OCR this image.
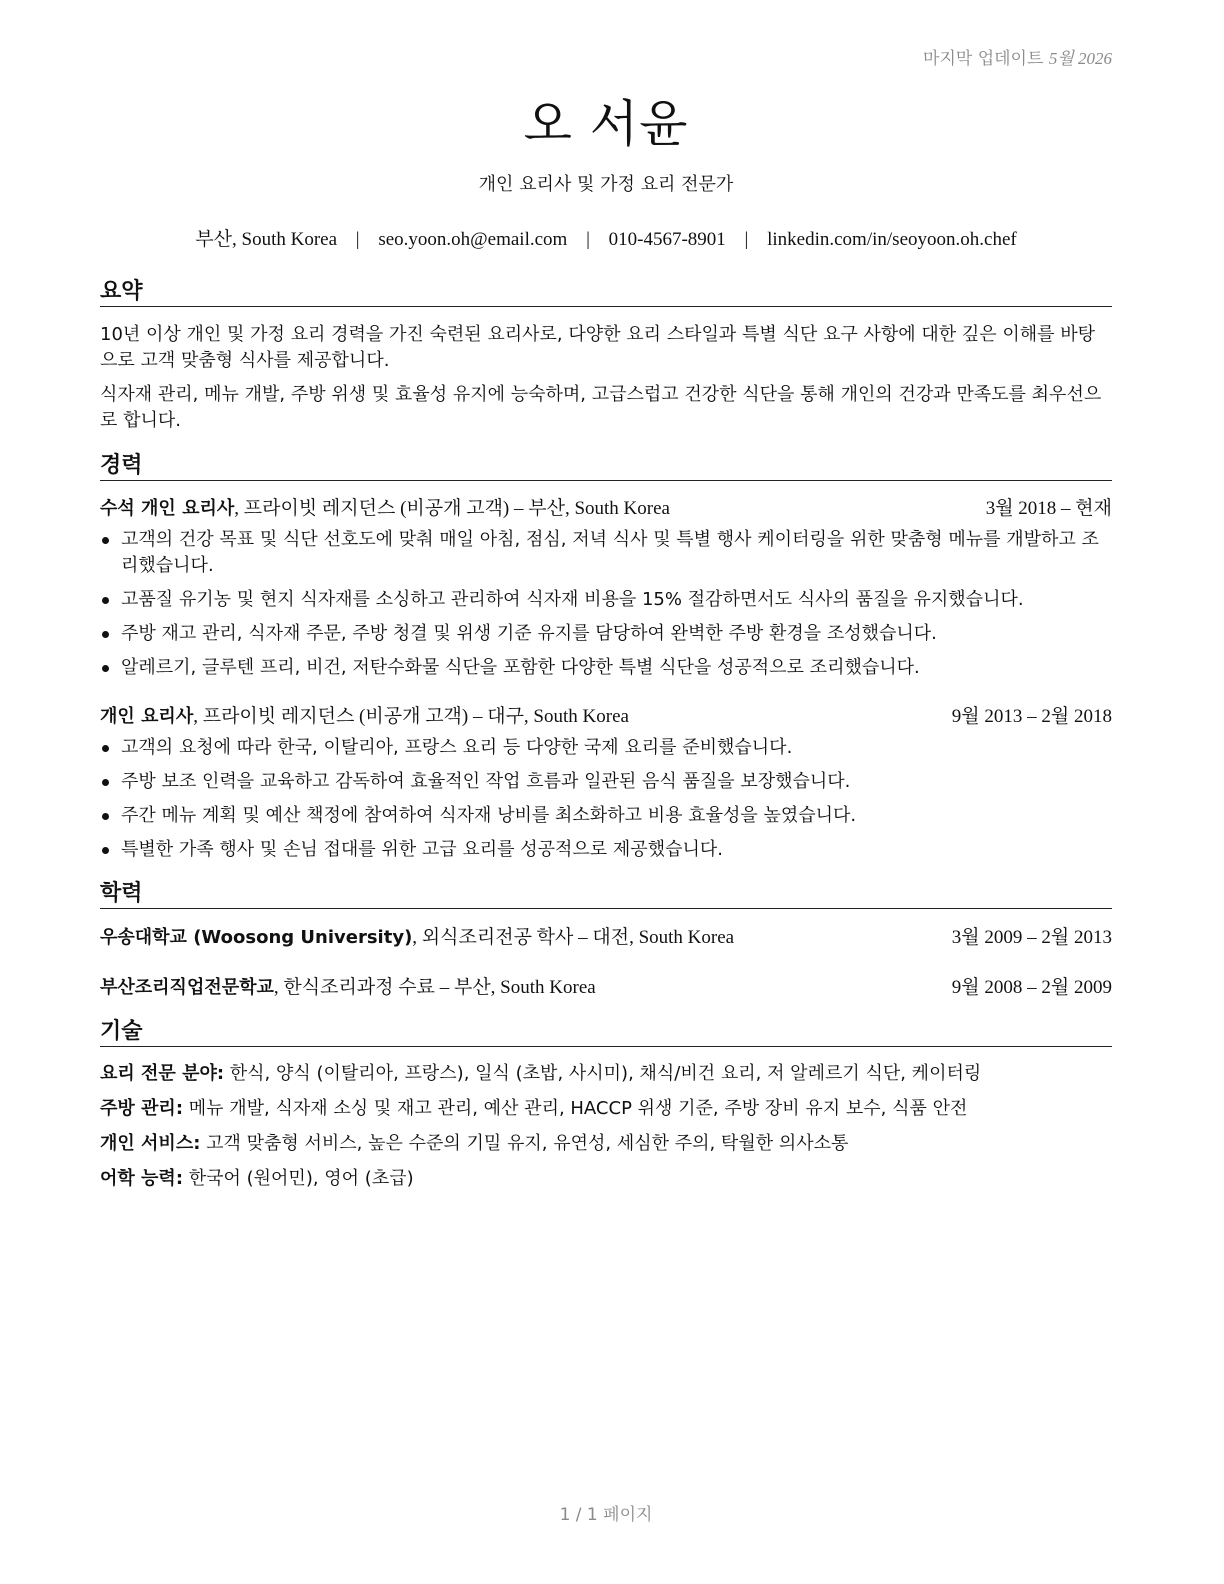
마지막 업데이트 5월 2026
오 서윤
개인 요리사 및 가정 요리 전문가
부산, South Korea | seo.yoon.oh@email.com | 010-4567-8901 | linkedin.com/in/seoyoon.oh.chef
요약
10년 이상 개인 및 가정 요리 경력을 가진 숙련된 요리사로, 다양한 요리 스타일과 특별 식단 요구 사항에 대한 깊은 이해를 바탕으로 고객 맞춤형 식사를 제공합니다.
식자재 관리, 메뉴 개발, 주방 위생 및 효율성 유지에 능숙하며, 고급스럽고 건강한 식단을 통해 개인의 건강과 만족도를 최우선으로 합니다.
경력
수석 개인 요리사, 프라이빗 레지던스 (비공개 고객) – 부산, South Korea	3월 2018 – 현재
고객의 건강 목표 및 식단 선호도에 맞춰 매일 아침, 점심, 저녁 식사 및 특별 행사 케이터링을 위한 맞춤형 메뉴를 개발하고 조리했습니다.
고품질 유기농 및 현지 식자재를 소싱하고 관리하여 식자재 비용을 15% 절감하면서도 식사의 품질을 유지했습니다.
주방 재고 관리, 식자재 주문, 주방 청결 및 위생 기준 유지를 담당하여 완벽한 주방 환경을 조성했습니다.
알레르기, 글루텐 프리, 비건, 저탄수화물 식단을 포함한 다양한 특별 식단을 성공적으로 조리했습니다.
개인 요리사, 프라이빗 레지던스 (비공개 고객) – 대구, South Korea	9월 2013 – 2월 2018
고객의 요청에 따라 한국, 이탈리아, 프랑스 요리 등 다양한 국제 요리를 준비했습니다.
주방 보조 인력을 교육하고 감독하여 효율적인 작업 흐름과 일관된 음식 품질을 보장했습니다.
주간 메뉴 계획 및 예산 책정에 참여하여 식자재 낭비를 최소화하고 비용 효율성을 높였습니다.
특별한 가족 행사 및 손님 접대를 위한 고급 요리를 성공적으로 제공했습니다.
학력
우송대학교 (Woosong University), 외식조리전공 학사 – 대전, South Korea	3월 2009 – 2월 2013
부산조리직업전문학교, 한식조리과정 수료 – 부산, South Korea	9월 2008 – 2월 2009
기술
요리 전문 분야: 한식, 양식 (이탈리아, 프랑스), 일식 (초밥, 사시미), 채식/비건 요리, 저 알레르기 식단, 케이터링
주방 관리: 메뉴 개발, 식자재 소싱 및 재고 관리, 예산 관리, HACCP 위생 기준, 주방 장비 유지 보수, 식품 안전
개인 서비스: 고객 맞춤형 서비스, 높은 수준의 기밀 유지, 유연성, 세심한 주의, 탁월한 의사소통
어학 능력: 한국어 (원어민), 영어 (초급)
1 / 1 페이지
